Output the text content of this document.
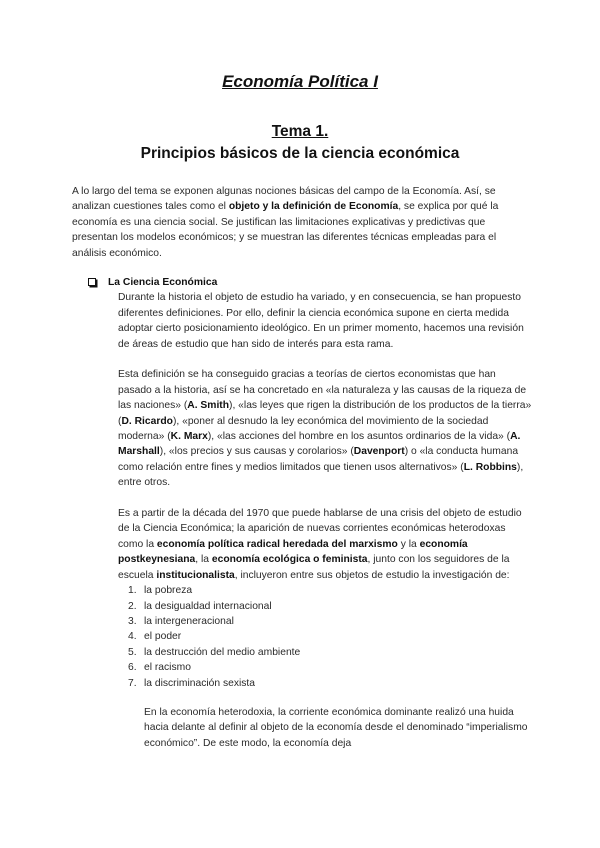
Economía Política I
Tema 1.
Principios básicos de la ciencia económica

A lo largo del tema se exponen algunas nociones básicas del campo de la Economía. Así, se analizan cuestiones tales como el objeto y la definición de Economía, se explica por qué la economía es una ciencia social. Se justifican las limitaciones explicativas y predictivas que presentan los modelos económicos; y se muestran las diferentes técnicas empleadas para el análisis económico.

La Ciencia Económica

Durante la historia el objeto de estudio ha variado, y en consecuencia, se han propuesto diferentes definiciones. Por ello, definir la ciencia económica supone en cierta medida adoptar cierto posicionamiento ideológico. En un primer momento, hacemos una revisión de áreas de estudio que han sido de interés para esta rama.

Esta definición se ha conseguido gracias a teorías de ciertos economistas que han pasado a la historia, así se ha concretado en «la naturaleza y las causas de la riqueza de las naciones» (A. Smith), «las leyes que rigen la distribución de los productos de la tierra» (D. Ricardo), «poner al desnudo la ley económica del movimiento de la sociedad moderna» (K. Marx), «las acciones del hombre en los asuntos ordinarios de la vida» (A. Marshall), «los precios y sus causas y corolarios» (Davenport) o «la conducta humana como relación entre fines y medios limitados que tienen usos alternativos» (L. Robbins), entre otros.

Es a partir de la década del 1970 que puede hablarse de una crisis del objeto de estudio de la Ciencia Económica; la aparición de nuevas corrientes económicas heterodoxas como la economía política radical heredada del marxismo y la economía postkeynesiana, la economía ecológica o feminista, junto con los seguidores de la escuela institucionalista, incluyeron entre sus objetos de estudio la investigación de:

1. la pobreza
2. la desigualdad internacional
3. la intergeneracional
4. el poder
5. la destrucción del medio ambiente
6. el racismo
7. la discriminación sexista

En la economía heterodoxia, la corriente económica dominante realizó una huida hacia delante al definir al objeto de la economía desde el denominado “imperialismo económico”. De este modo, la economía deja
